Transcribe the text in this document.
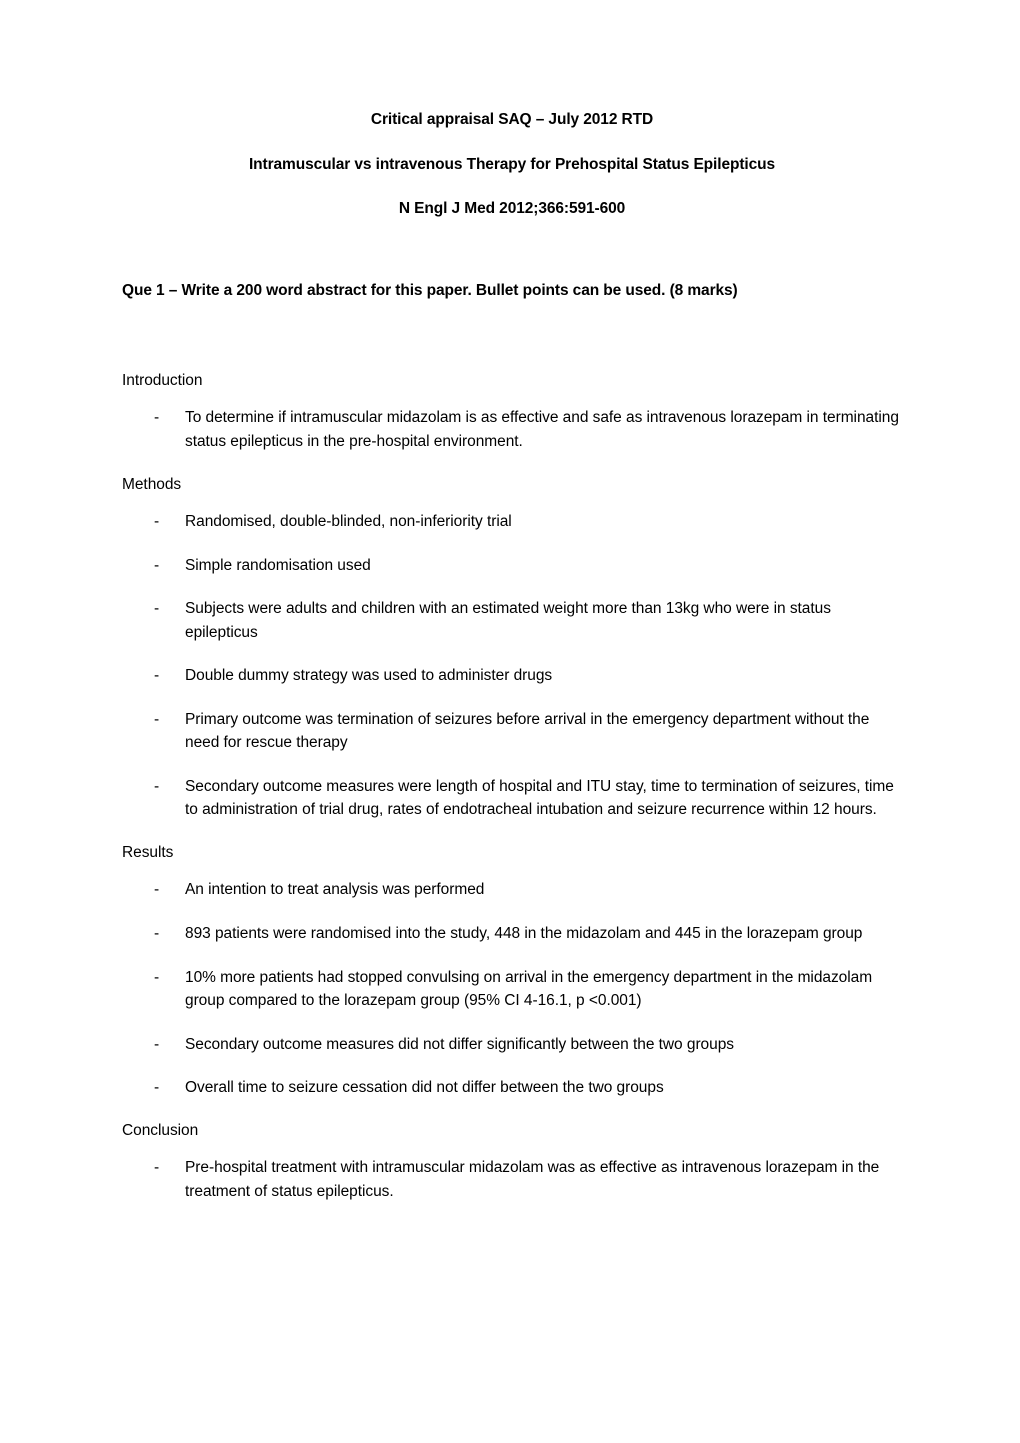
Critical appraisal SAQ – July 2012 RTD
Intramuscular vs intravenous Therapy for Prehospital Status Epilepticus
N Engl J Med 2012;366:591-600
Que 1 – Write a 200 word abstract for this paper. Bullet points can be used. (8 marks)
Introduction
- To determine if intramuscular midazolam is as effective and safe as intravenous lorazepam in terminating status epilepticus in the pre-hospital environment.
Methods
- Randomised, double-blinded, non-inferiority trial
- Simple randomisation used
- Subjects were adults and children with an estimated weight more than 13kg who were in status epilepticus
- Double dummy strategy was used to administer drugs
- Primary outcome was termination of seizures before arrival in the emergency department without the need for rescue therapy
- Secondary outcome measures were length of hospital and ITU stay, time to termination of seizures, time to administration of trial drug, rates of endotracheal intubation and seizure recurrence within 12 hours.
Results
- An intention to treat analysis was performed
- 893 patients were randomised into the study, 448 in the midazolam and 445 in the lorazepam group
- 10% more patients had stopped convulsing on arrival in the emergency department in the midazolam group compared to the lorazepam group (95% CI 4-16.1, p <0.001)
- Secondary outcome measures did not differ significantly between the two groups
- Overall time to seizure cessation did not differ between the two groups
Conclusion
- Pre-hospital treatment with intramuscular midazolam was as effective as intravenous lorazepam in the treatment of status epilepticus.
